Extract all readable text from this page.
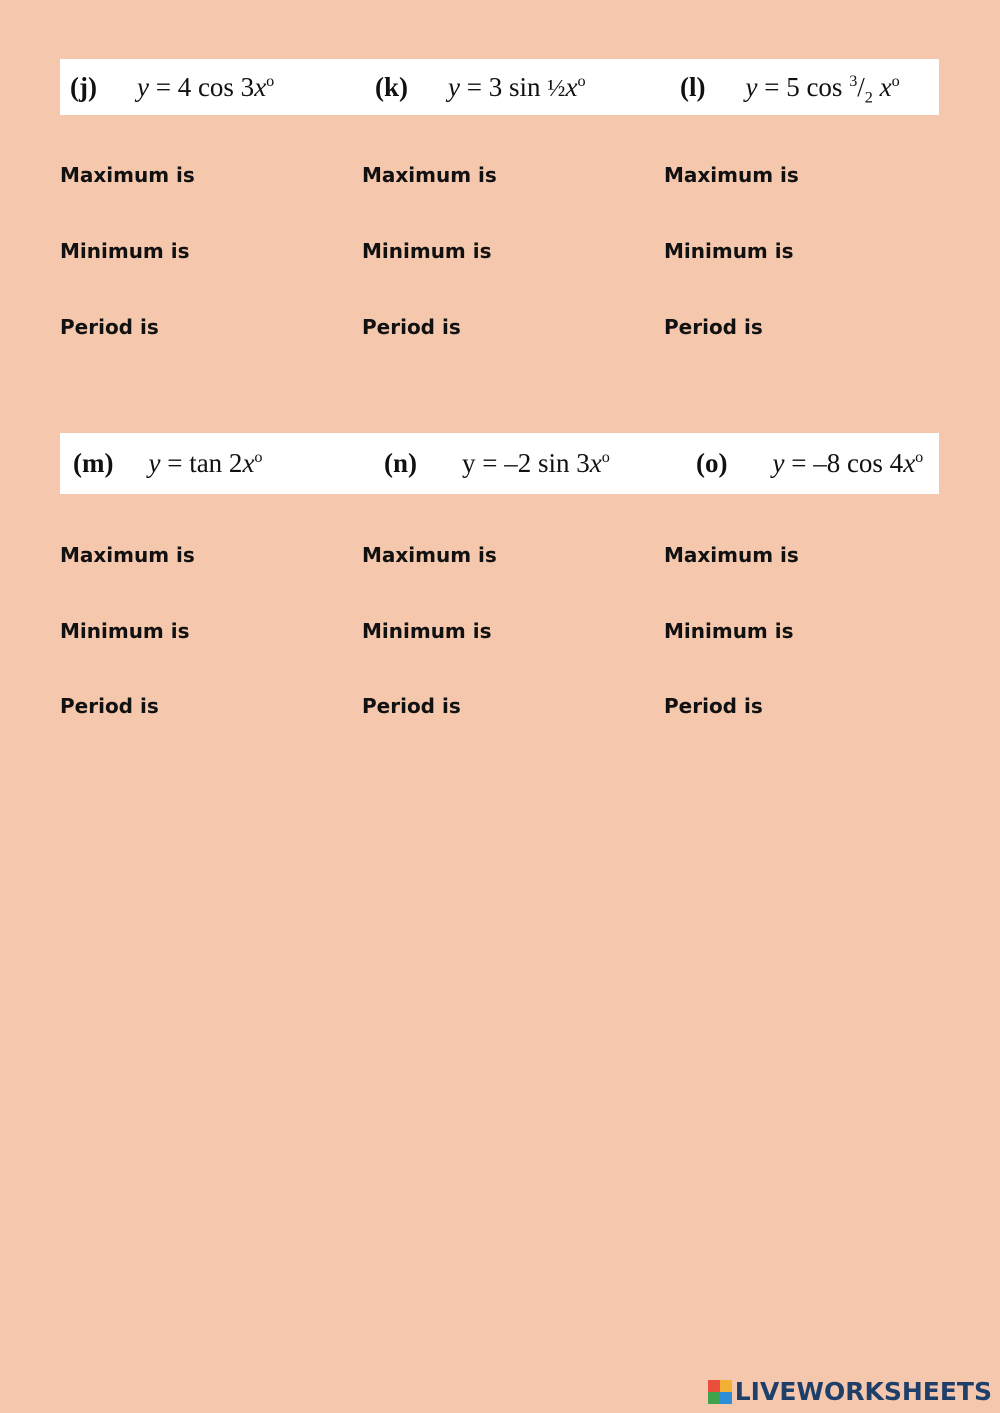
(j) y = 4 $\cos 3x^o$	(k) y = 3 $\sin \frac{1}{2}x^o$	(l) y = 5 $\cos ^3/_2$ $x^o$
Maximum is	Maximum is	Maximum is
Minimum is	Minimum is	Minimum is
Period is	Period is	Period is
(m) $y = \tan 2x^o$	(n) y = –2 $\sin 3x^o$	(o) y = –8 $\cos 4x^o$
Maximum is	Maximum is	Maximum is
Minimum is	Minimum is	Minimum is
Period is	Period is	Period is
LIVEWORKSHEETS
